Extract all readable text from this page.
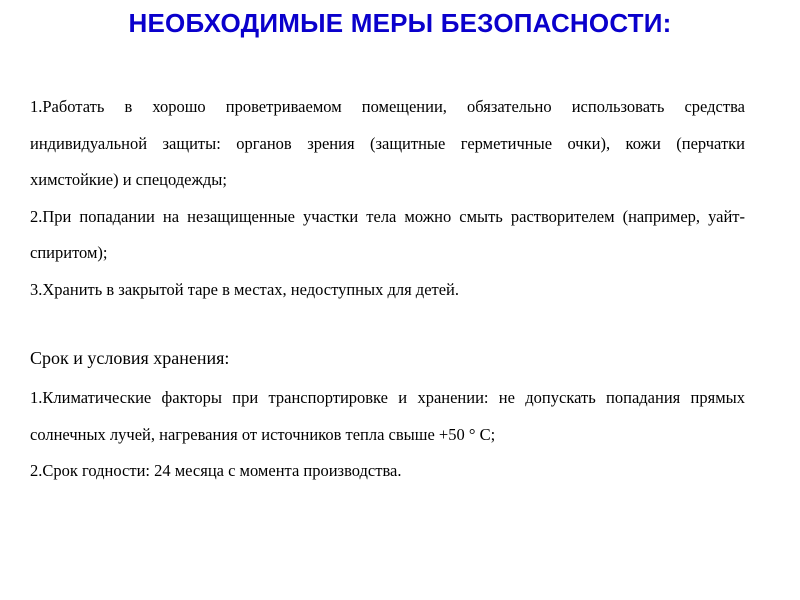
НЕОБХОДИМЫЕ МЕРЫ БЕЗОПАСНОСТИ:

1.Работать в хорошо проветриваемом помещении, обязательно использовать средства индивидуальной защиты: органов зрения (защитные герметичные очки), кожи (перчатки химстойкие) и спецодежды;

2.При попадании на незащищенные участки тела можно смыть растворителем (например, уайт-спиритом);

3.Хранить в закрытой таре в местах, недоступных для детей.

Срок и условия хранения:

1.Климатические факторы при транспортировке и хранении: не допускать попадания прямых солнечных лучей, нагревания от источников тепла свыше +50 ° С;

2.Срок годности: 24 месяца с момента производства.
